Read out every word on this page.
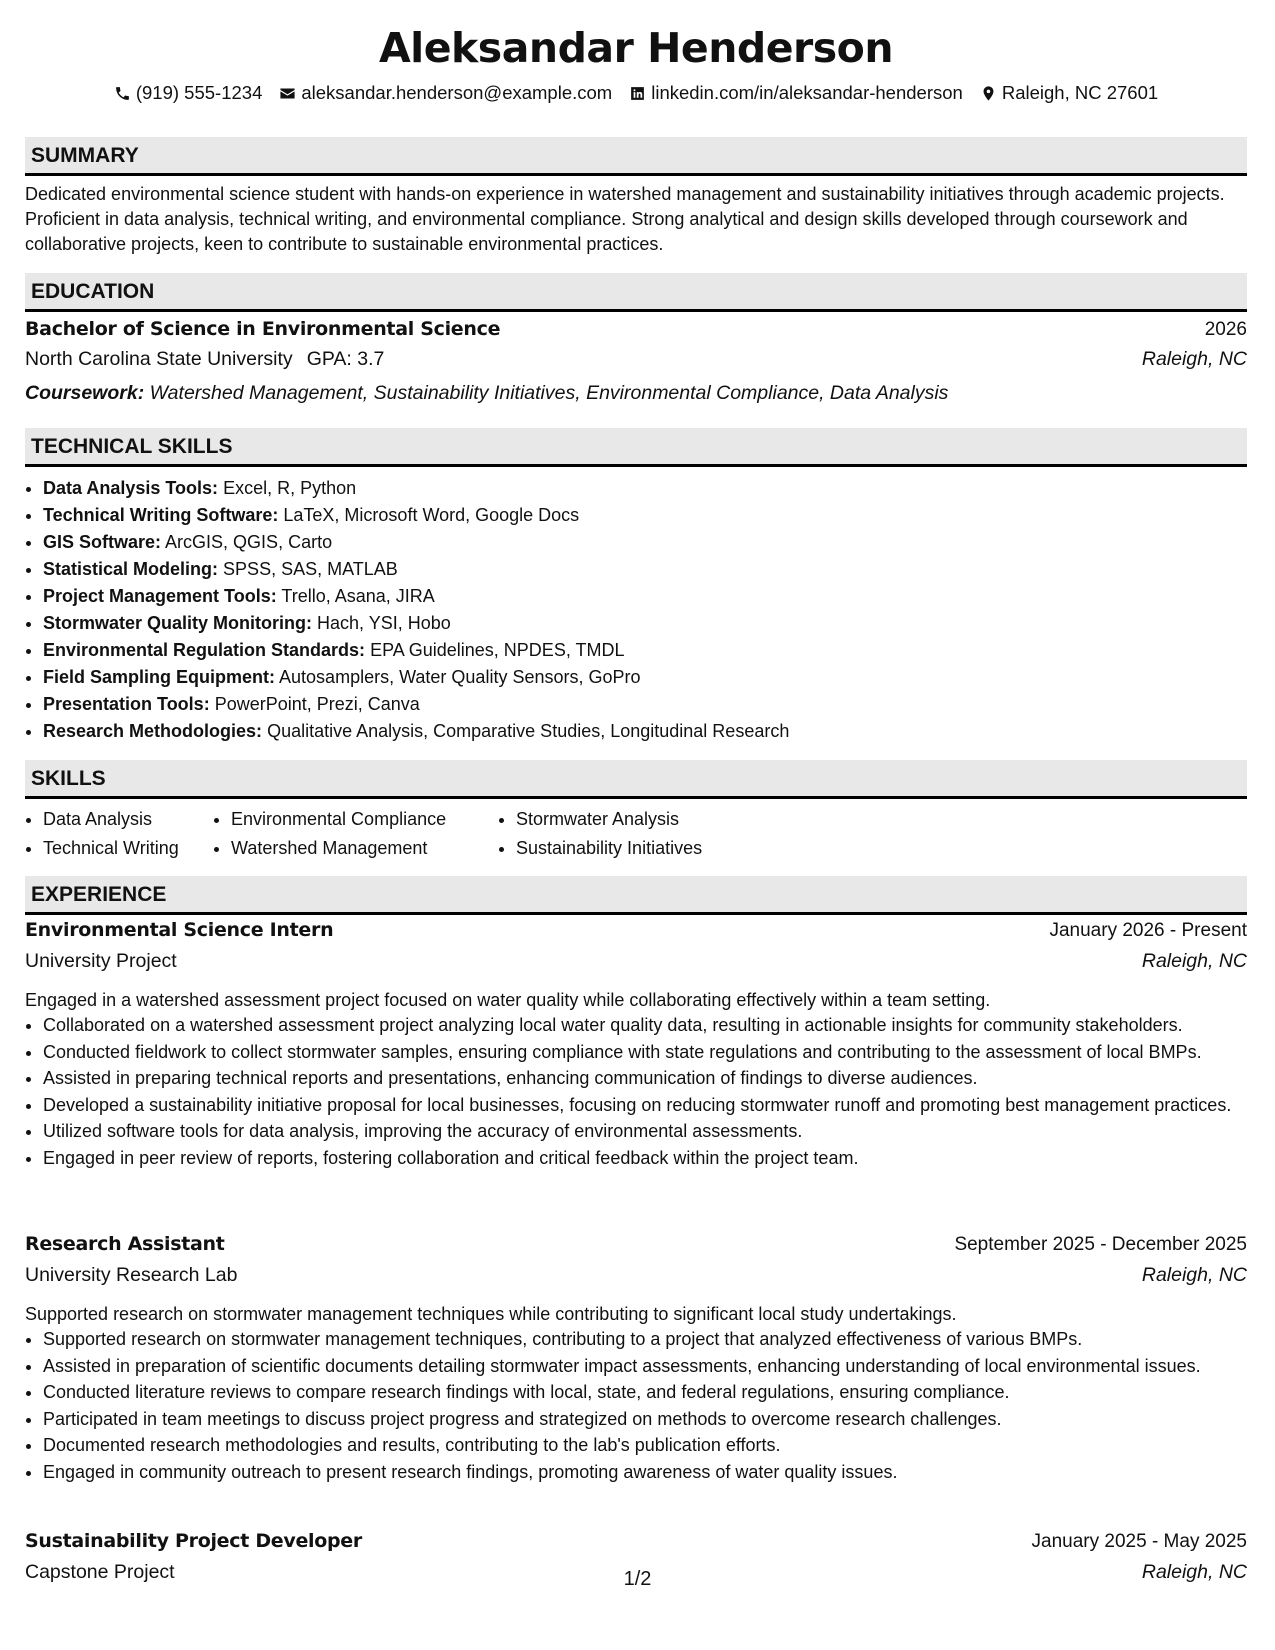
Aleksandar Henderson
(919) 555-1234 aleksandar.henderson@example.com linkedin.com/in/aleksandar-henderson Raleigh, NC 27601
SUMMARY
Dedicated environmental science student with hands-on experience in watershed management and sustainability initiatives through academic projects. Proficient in data analysis, technical writing, and environmental compliance. Strong analytical and design skills developed through coursework and collaborative projects, keen to contribute to sustainable environmental practices.
EDUCATION
Bachelor of Science in Environmental Science	2026
North Carolina State University GPA: 3.7	Raleigh, NC
Coursework: Watershed Management, Sustainability Initiatives, Environmental Compliance, Data Analysis
TECHNICAL SKILLS
• Data Analysis Tools: Excel, R, Python
• Technical Writing Software: LaTeX, Microsoft Word, Google Docs
• GIS Software: ArcGIS, QGIS, Carto
• Statistical Modeling: SPSS, SAS, MATLAB
• Project Management Tools: Trello, Asana, JIRA
• Stormwater Quality Monitoring: Hach, YSI, Hobo
• Environmental Regulation Standards: EPA Guidelines, NPDES, TMDL
• Field Sampling Equipment: Autosamplers, Water Quality Sensors, GoPro
• Presentation Tools: PowerPoint, Prezi, Canva
• Research Methodologies: Qualitative Analysis, Comparative Studies, Longitudinal Research
SKILLS
• Data Analysis
• Technical Writing
• Environmental Compliance
• Watershed Management
• Stormwater Analysis
• Sustainability Initiatives
EXPERIENCE
Environmental Science Intern	January 2026 - Present
University Project	Raleigh, NC
Engaged in a watershed assessment project focused on water quality while collaborating effectively within a team setting.
• Collaborated on a watershed assessment project analyzing local water quality data, resulting in actionable insights for community stakeholders.
• Conducted fieldwork to collect stormwater samples, ensuring compliance with state regulations and contributing to the assessment of local BMPs.
• Assisted in preparing technical reports and presentations, enhancing communication of findings to diverse audiences.
• Developed a sustainability initiative proposal for local businesses, focusing on reducing stormwater runoff and promoting best management practices.
• Utilized software tools for data analysis, improving the accuracy of environmental assessments.
• Engaged in peer review of reports, fostering collaboration and critical feedback within the project team.
Research Assistant	September 2025 - December 2025
University Research Lab	Raleigh, NC
Supported research on stormwater management techniques while contributing to significant local study undertakings.
• Supported research on stormwater management techniques, contributing to a project that analyzed effectiveness of various BMPs.
• Assisted in preparation of scientific documents detailing stormwater impact assessments, enhancing understanding of local environmental issues.
• Conducted literature reviews to compare research findings with local, state, and federal regulations, ensuring compliance.
• Participated in team meetings to discuss project progress and strategized on methods to overcome research challenges.
• Documented research methodologies and results, contributing to the lab's publication efforts.
• Engaged in community outreach to present research findings, promoting awareness of water quality issues.
Sustainability Project Developer	January 2025 - May 2025
Capstone Project	Raleigh, NC
1/2
